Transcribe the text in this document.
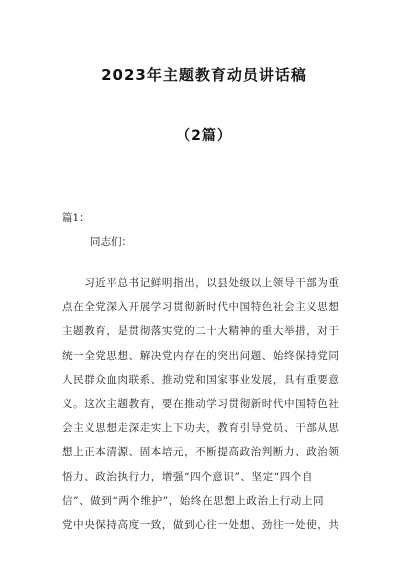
2023年主题教育动员讲话稿
（2篇）

篇1：

同志们：

　　习近平总书记鲜明指出，以县处级以上领导干部为重
点在全党深入开展学习贯彻新时代中国特色社会主义思想
主题教育，是贯彻落实党的二十大精神的重大举措，对于
统一全党思想、解决党内存在的突出问题、始终保持党同
人民群众血肉联系、推动党和国家事业发展，具有重要意
义。这次主题教育，要在推动学习贯彻新时代中国特色社
会主义思想走深走实上下功夫，教育引导党员、干部从思
想上正本清源、固本培元，不断提高政治判断力、政治领
悟力、政治执行力，增强“四个意识”、坚定“四个自
信”、做到“两个维护”，始终在思想上政治上行动上同
党中央保持高度一致，做到心往一处想、劲往一处使，共
